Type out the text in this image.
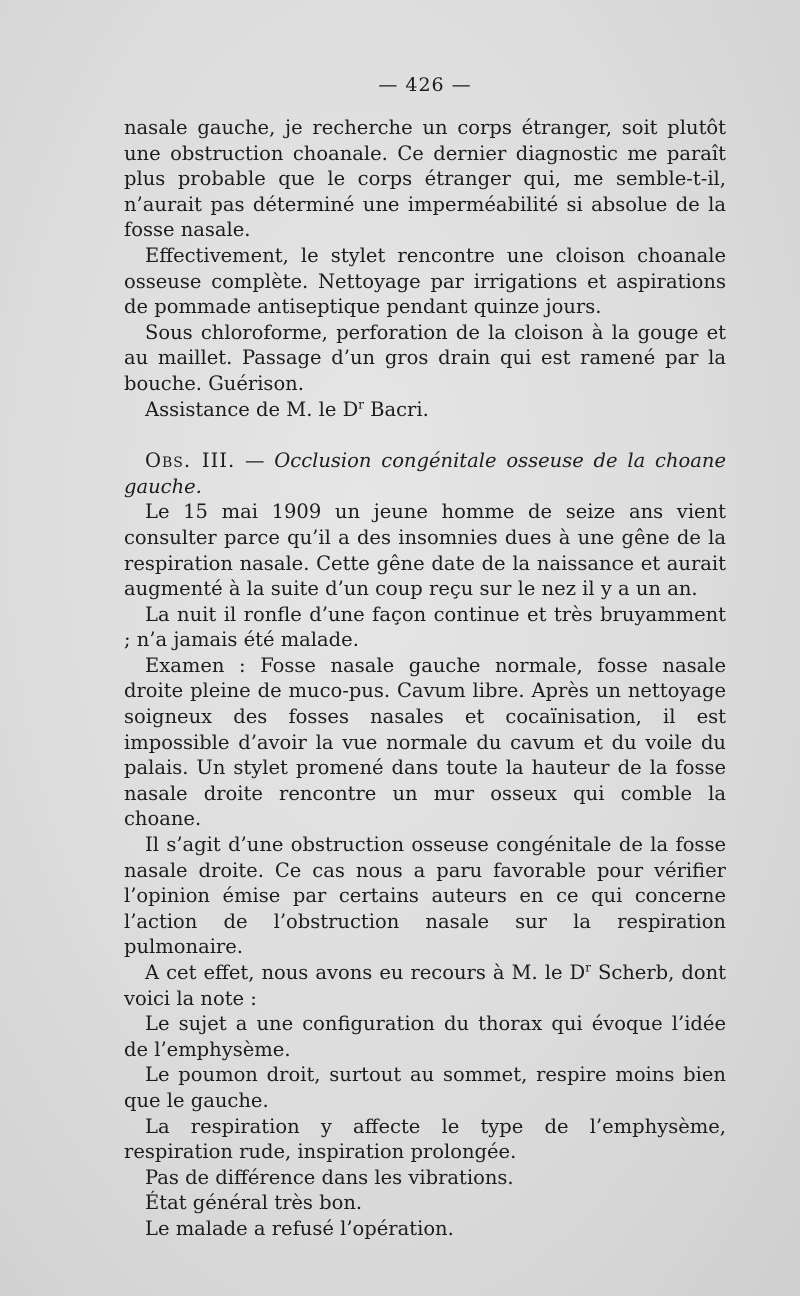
— 426 —

nasale gauche, je recherche un corps étranger, soit plutôt une obstruction choanale. Ce dernier diagnostic me paraît plus probable que le corps étranger qui, me semble-t-il, n’aurait pas déterminé une imperméabilité si absolue de la fosse nasale.

Effectivement, le stylet rencontre une cloison choanale osseuse complète. Nettoyage par irrigations et aspirations de pommade antiseptique pendant quinze jours.

Sous chloroforme, perforation de la cloison à la gouge et au maillet. Passage d’un gros drain qui est ramené par la bouche. Guérison.

Assistance de M. le $D^r$ Bacri.

Obs. III. — Occlusion congénitale osseuse de la choane gauche.

Le 15 mai 1909 un jeune homme de seize ans vient consulter parce qu’il a des insomnies dues à une gêne de la respiration nasale. Cette gêne date de la naissance et aurait augmenté à la suite d’un coup reçu sur le nez il y a un an.

La nuit il ronfle d’une façon continue et très bruyamment ; n’a jamais été malade.

Examen : Fosse nasale gauche normale, fosse nasale droite pleine de muco-pus. Cavum libre. Après un nettoyage soigneux des fosses nasales et cocaïnisation, il est impossible d’avoir la vue normale du cavum et du voile du palais. Un stylet promené dans toute la hauteur de la fosse nasale droite rencontre un mur osseux qui comble la choane.

Il s’agit d’une obstruction osseuse congénitale de la fosse nasale droite. Ce cas nous a paru favorable pour vérifier l’opinion émise par certains auteurs en ce qui concerne l’action de l’obstruction nasale sur la respiration pulmonaire.

A cet effet, nous avons eu recours à M. le $D^r$ Scherb, dont voici la note :

Le sujet a une configuration du thorax qui évoque l’idée de l’emphysème.

Le poumon droit, surtout au sommet, respire moins bien que le gauche.

La respiration y affecte le type de l’emphysème, respiration rude, inspiration prolongée.

Pas de différence dans les vibrations.

État général très bon.

Le malade a refusé l’opération.
